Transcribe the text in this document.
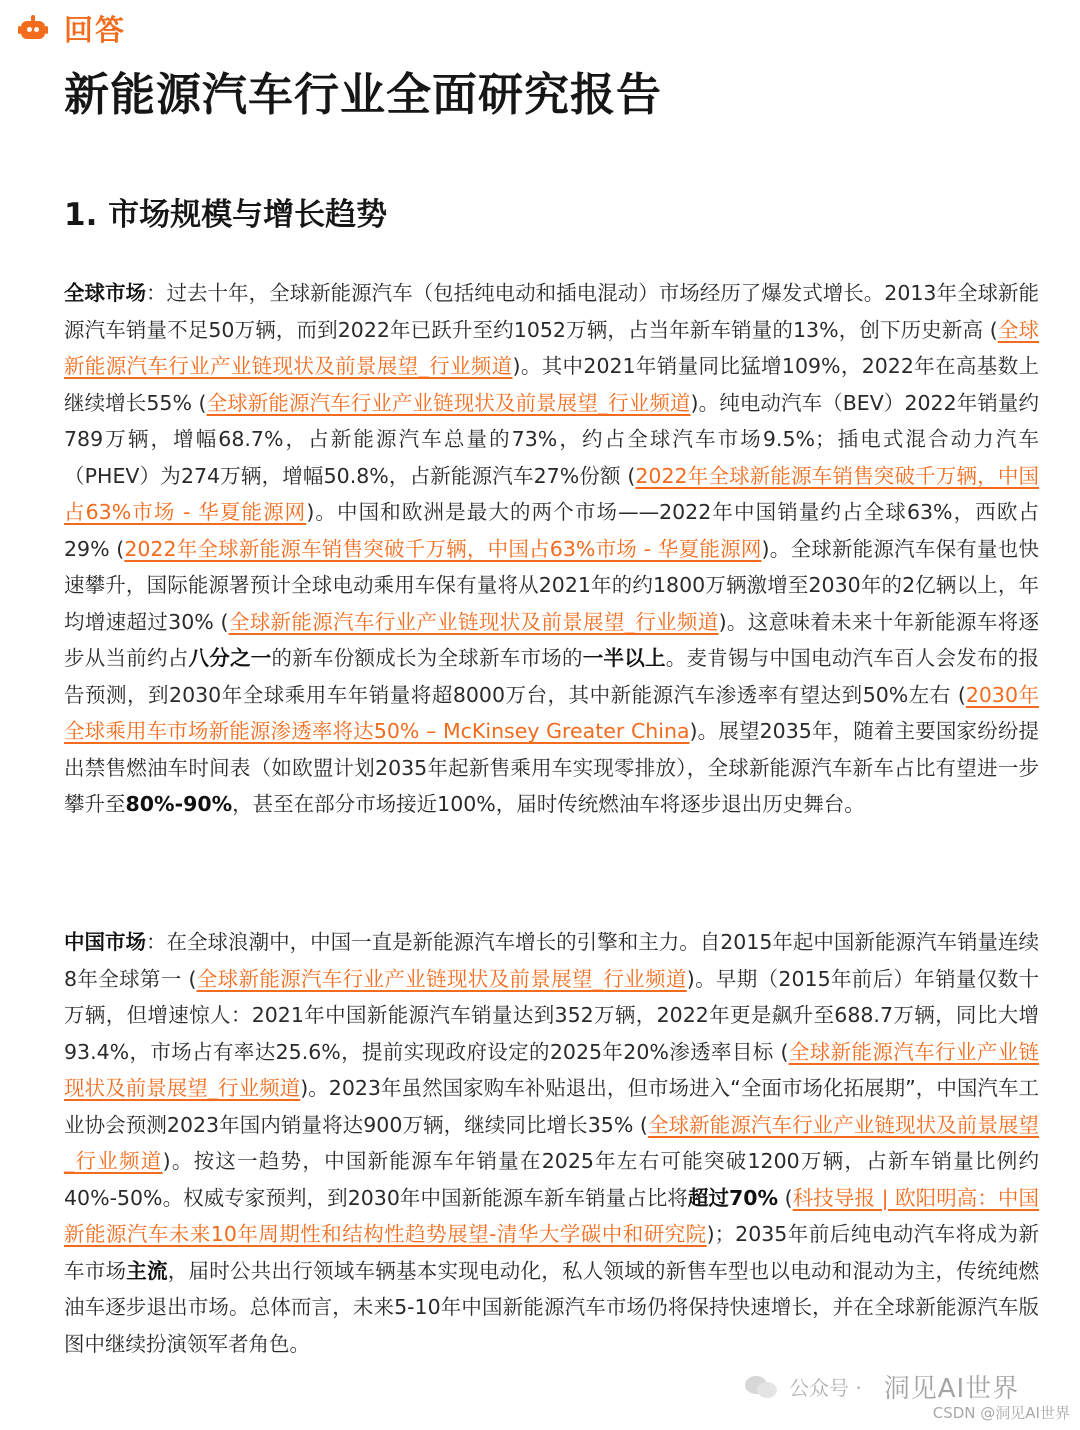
回答
新能源汽车行业全面研究报告
1. 市场规模与增长趋势
全球市场：过去十年，全球新能源汽车（包括纯电动和插电混动）市场经历了爆发式增长。2013年全球新能源汽车销量不足50万辆，而到2022年已跃升至约1052万辆，占当年新车销量的13%，创下历史新高 (全球新能源汽车行业产业链现状及前景展望_行业频道)。其中2021年销量同比猛增109%，2022年在高基数上继续增长55% (全球新能源汽车行业产业链现状及前景展望_行业频道)。纯电动汽车（BEV）2022年销量约789万辆，增幅68.7%，占新能源汽车总量的73%，约占全球汽车市场9.5%；插电式混合动力汽车（PHEV）为274万辆，增幅50.8%，占新能源汽车27%份额 (2022年全球新能源车销售突破千万辆，中国占63%市场 - 华夏能源网)。中国和欧洲是最大的两个市场——2022年中国销量约占全球63%，西欧占29% (2022年全球新能源车销售突破千万辆，中国占63%市场 - 华夏能源网)。全球新能源汽车保有量也快速攀升，国际能源署预计全球电动乘用车保有量将从2021年的约1800万辆激增至2030年的2亿辆以上，年均增速超过30% (全球新能源汽车行业产业链现状及前景展望_行业频道)。这意味着未来十年新能源车将逐步从当前约占八分之一的新车份额成长为全球新车市场的一半以上。麦肯锡与中国电动汽车百人会发布的报告预测，到2030年全球乘用车年销量将超8000万台，其中新能源汽车渗透率有望达到50%左右 (2030年全球乘用车市场新能源渗透率将达50% – McKinsey Greater China)。展望2035年，随着主要国家纷纷提出禁售燃油车时间表（如欧盟计划2035年起新售乘用车实现零排放），全球新能源汽车新车占比有望进一步攀升至80%-90%，甚至在部分市场接近100%，届时传统燃油车将逐步退出历史舞台。
中国市场：在全球浪潮中，中国一直是新能源汽车增长的引擎和主力。自2015年起中国新能源汽车销量连续8年全球第一 (全球新能源汽车行业产业链现状及前景展望_行业频道)。早期（2015年前后）年销量仅数十万辆，但增速惊人：2021年中国新能源汽车销量达到352万辆，2022年更是飙升至688.7万辆，同比大增93.4%，市场占有率达25.6%，提前实现政府设定的2025年20%渗透率目标 (全球新能源汽车行业产业链现状及前景展望_行业频道)。2023年虽然国家购车补贴退出，但市场进入“全面市场化拓展期”，中国汽车工业协会预测2023年国内销量将达900万辆，继续同比增长35% (全球新能源汽车行业产业链现状及前景展望_行业频道)。按这一趋势，中国新能源车年销量在2025年左右可能突破1200万辆，占新车销量比例约40%-50%。权威专家预判，到2030年中国新能源车新车销量占比将超过70% (科技导报 | 欧阳明高：中国新能源汽车未来10年周期性和结构性趋势展望-清华大学碳中和研究院)；2035年前后纯电动汽车将成为新车市场主流，届时公共出行领域车辆基本实现电动化，私人领域的新售车型也以电动和混动为主，传统纯燃油车逐步退出市场。总体而言，未来5-10年中国新能源汽车市场仍将保持快速增长，并在全球新能源汽车版图中继续扮演领军者角色。
公众号 · 洞见AI世界
CSDN @洞见AI世界
